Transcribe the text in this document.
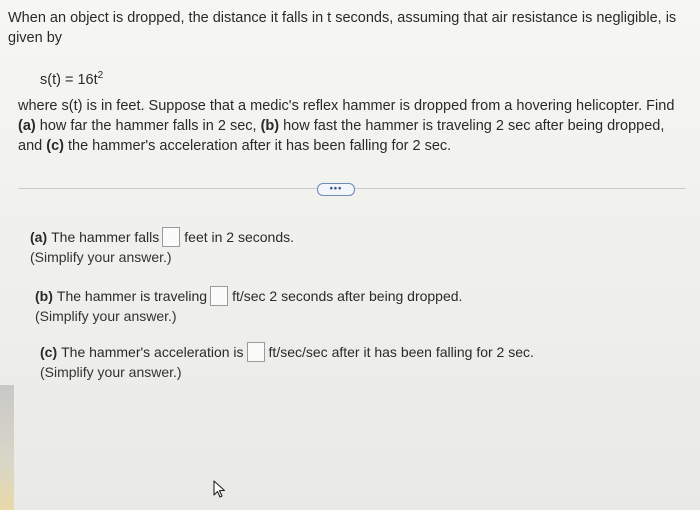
When an object is dropped, the distance it falls in t seconds, assuming that air resistance is negligible, is given by

$s(t) = 16t^2$

where s(t) is in feet. Suppose that a medic's reflex hammer is dropped from a hovering helicopter. Find (a) how far the hammer falls in 2 sec, (b) how fast the hammer is traveling 2 sec after being dropped, and (c) the hammer's acceleration after it has been falling for 2 sec.

•••
(a) The hammer falls feet in 2 seconds.
(Simplify your answer.)
(b) The hammer is traveling ft/sec 2 seconds after being dropped.
(Simplify your answer.)
(c) The hammer's acceleration is ft/sec/sec after it has been falling for 2 sec.
(Simplify your answer.)
